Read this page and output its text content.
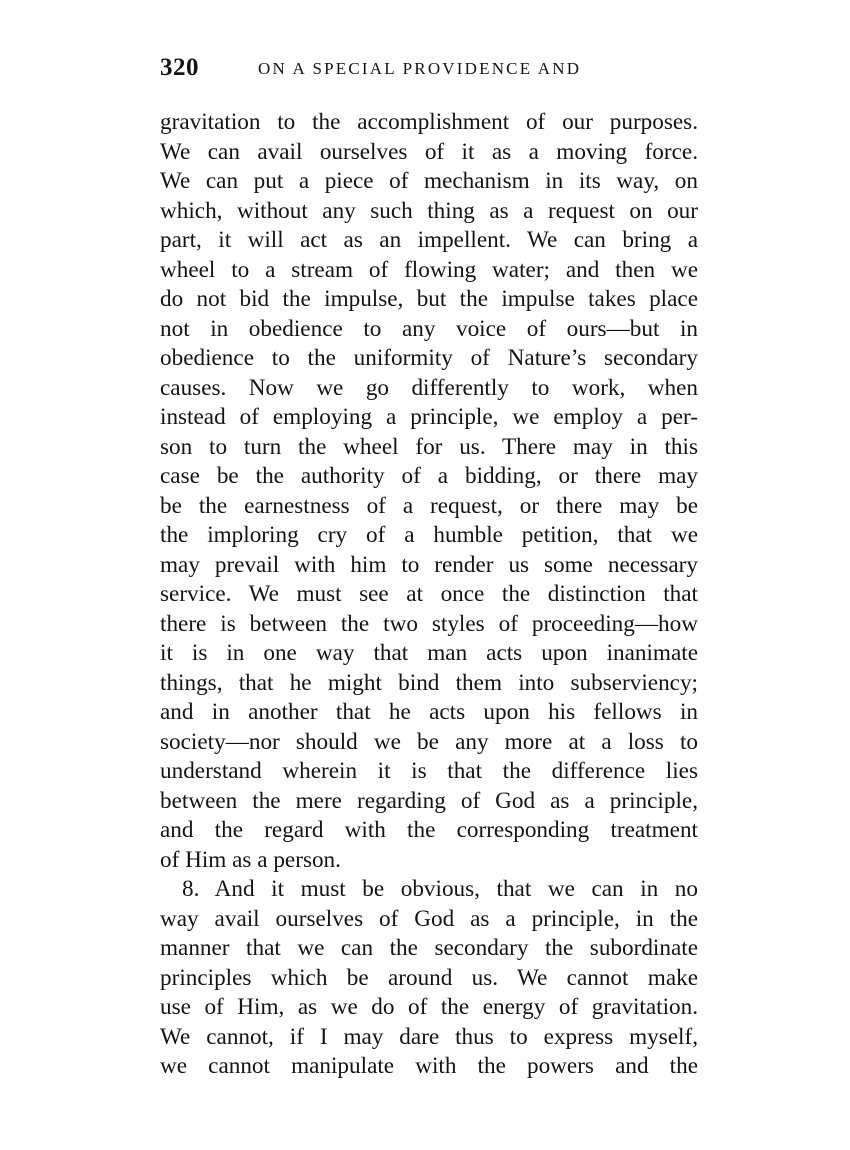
320	ON A SPECIAL PROVIDENCE AND
gravitation to the accomplishment of our purposes.
We can avail ourselves of it as a moving force.
We can put a piece of mechanism in its way, on
which, without any such thing as a request on our
part, it will act as an impellent. We can bring a
wheel to a stream of flowing water; and then we
do not bid the impulse, but the impulse takes place
not in obedience to any voice of ours—but in
obedience to the uniformity of Nature’s secondary
causes. Now we go differently to work, when
instead of employing a principle, we employ a per-
son to turn the wheel for us. There may in this
case be the authority of a bidding, or there may
be the earnestness of a request, or there may be
the imploring cry of a humble petition, that we
may prevail with him to render us some necessary
service. We must see at once the distinction that
there is between the two styles of proceeding—how
it is in one way that man acts upon inanimate
things, that he might bind them into subserviency;
and in another that he acts upon his fellows in
society—nor should we be any more at a loss to
understand wherein it is that the difference lies
between the mere regarding of God as a principle,
and the regard with the corresponding treatment
of Him as a person.
8. And it must be obvious, that we can in no
way avail ourselves of God as a principle, in the
manner that we can the secondary the subordinate
principles which be around us. We cannot make
use of Him, as we do of the energy of gravitation.
We cannot, if I may dare thus to express myself,
we cannot manipulate with the powers and the
